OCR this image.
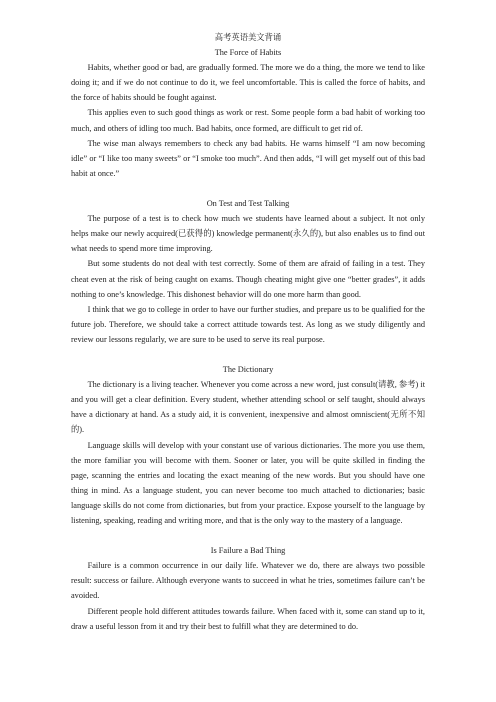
高考英语美文背诵
The Force of Habits

Habits, whether good or bad, are gradually formed. The more we do a thing, the more we tend to like doing it; and if we do not continue to do it, we feel uncomfortable. This is called the force of habits, and the force of habits should be fought against.

This applies even to such good things as work or rest. Some people form a bad habit of working too much, and others of idling too much. Bad habits, once formed, are difficult to get rid of.

The wise man always remembers to check any bad habits. He warns himself “I am now becoming idle” or “I like too many sweets” or “I smoke too much”. And then adds, “I will get myself out of this bad habit at once.”

On Test and Test Talking

The purpose of a test is to check how much we students have learned about a subject. It not only helps make our newly acquired(已获得的) knowledge permanent(永久的), but also enables us to find out what needs to spend more time improving.

But some students do not deal with test correctly. Some of them are afraid of failing in a test. They cheat even at the risk of being caught on exams. Though cheating might give one “better grades”, it adds nothing to one’s knowledge. This dishonest behavior will do one more harm than good.

I think that we go to college in order to have our further studies, and prepare us to be qualified for the future job. Therefore, we should take a correct attitude towards test. As long as we study diligently and review our lessons regularly, we are sure to be used to serve its real purpose.

The Dictionary

The dictionary is a living teacher. Whenever you come across a new word, just consult(请教, 参考) it and you will get a clear definition. Every student, whether attending school or self taught, should always have a dictionary at hand. As a study aid, it is convenient, inexpensive and almost omniscient(无所不知的).

Language skills will develop with your constant use of various dictionaries. The more you use them, the more familiar you will become with them. Sooner or later, you will be quite skilled in finding the page, scanning the entries and locating the exact meaning of the new words. But you should have one thing in mind. As a language student, you can never become too much attached to dictionaries; basic language skills do not come from dictionaries, but from your practice. Expose yourself to the language by listening, speaking, reading and writing more, and that is the only way to the mastery of a language.

Is Failure a Bad Thing

Failure is a common occurrence in our daily life. Whatever we do, there are always two possible result: success or failure. Although everyone wants to succeed in what he tries, sometimes failure can’t be avoided.

Different people hold different attitudes towards failure. When faced with it, some can stand up to it, draw a useful lesson from it and try their best to fulfill what they are determined to do.
